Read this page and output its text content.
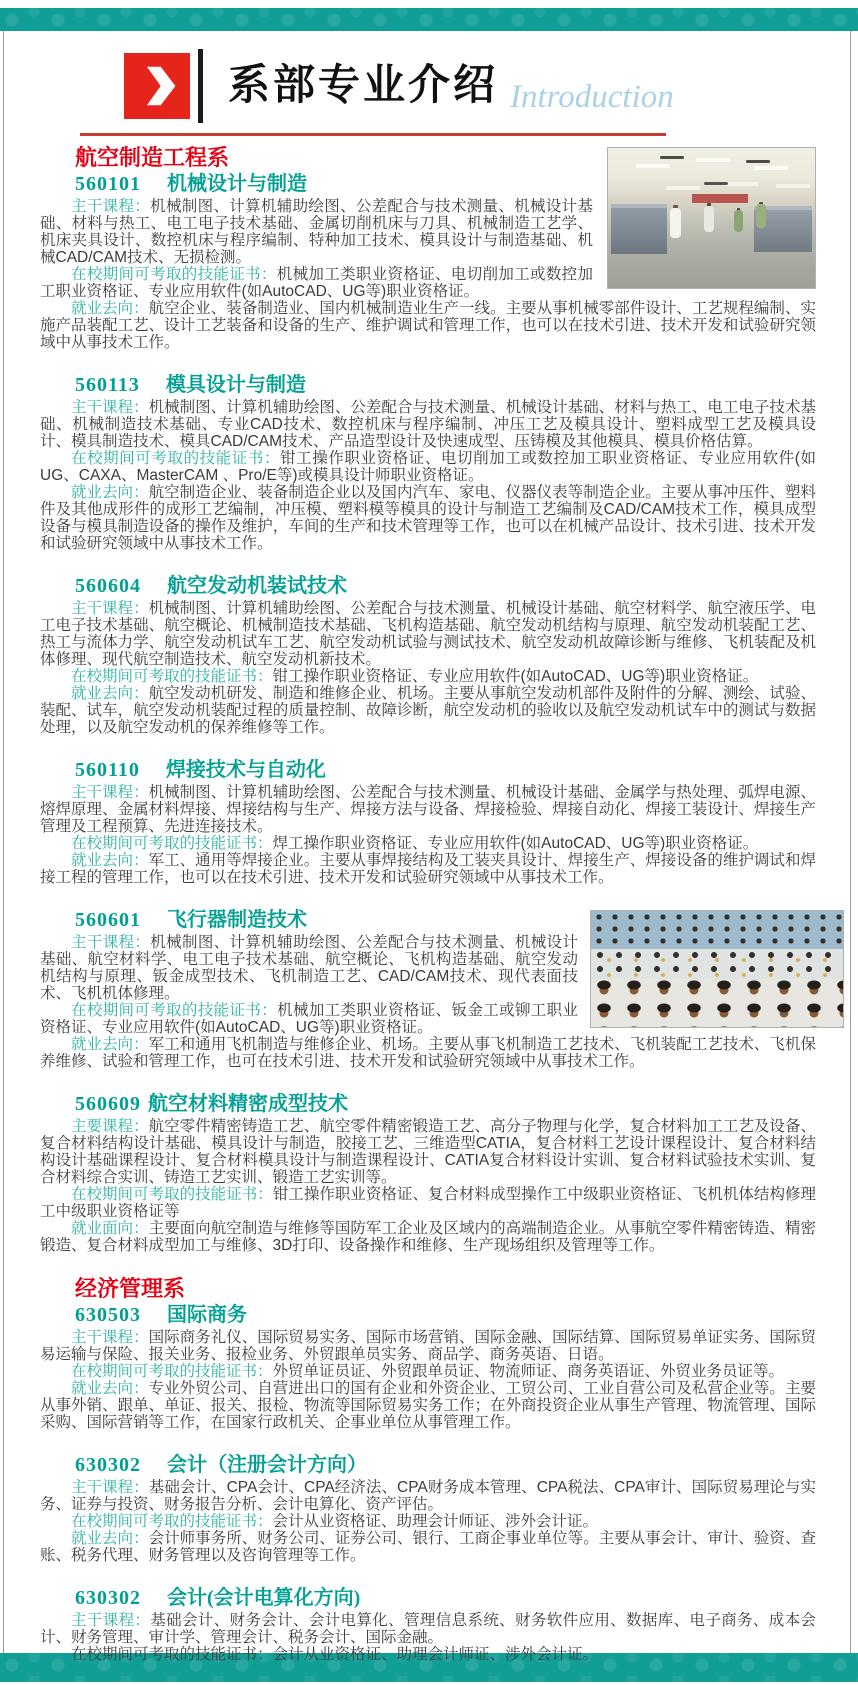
系部专业介绍 Introduction
航空制造工程系
560101 机械设计与制造

主干课程：机械制图、计算机辅助绘图、公差配合与技术测量、机械设计基础、材料与热工、电工电子技术基础、金属切削机床与刀具、机械制造工艺学、机床夹具设计、数控机床与程序编制、特种加工技术、模具设计与制造基础、机械CAD/CAM技术、无损检测。

在校期间可考取的技能证书：机械加工类职业资格证、电切削加工或数控加工职业资格证、专业应用软件(如AutoCAD、UG等)职业资格证。

就业去向：航空企业、装备制造业、国内机械制造业生产一线。主要从事机械零部件设计、工艺规程编制、实施产品装配工艺、设计工艺装备和设备的生产、维护调试和管理工作，也可以在技术引进、技术开发和试验研究领域中从事技术工作。

560113 模具设计与制造

主干课程：机械制图、计算机辅助绘图、公差配合与技术测量、机械设计基础、材料与热工、电工电子技术基础、机械制造技术基础、专业CAD技术、数控机床与程序编制、冲压工艺及模具设计、塑料成型工艺及模具设计、模具制造技术、模具CAD/CAM技术、产品造型设计及快速成型、压铸模及其他模具、模具价格估算。

在校期间可考取的技能证书：钳工操作职业资格证、电切削加工或数控加工职业资格证、专业应用软件(如UG、CAXA、MasterCAM 、Pro/E等)或模具设计师职业资格证。

就业去向：航空制造企业、装备制造企业以及国内汽车、家电、仪器仪表等制造企业。主要从事冲压件、塑料件及其他成形件的成形工艺编制，冲压模、塑料模等模具的设计与制造工艺编制及CAD/CAM技术工作，模具成型设备与模具制造设备的操作及维护，车间的生产和技术管理等工作，也可以在机械产品设计、技术引进、技术开发和试验研究领域中从事技术工作。

560604 航空发动机装试技术

主干课程：机械制图、计算机辅助绘图、公差配合与技术测量、机械设计基础、航空材料学、航空液压学、电工电子技术基础、航空概论、机械制造技术基础、飞机构造基础、航空发动机结构与原理、航空发动机装配工艺、热工与流体力学、航空发动机试车工艺、航空发动机试验与测试技术、航空发动机故障诊断与维修、飞机装配及机体修理、现代航空制造技术、航空发动机新技术。

在校期间可考取的技能证书：钳工操作职业资格证、专业应用软件(如AutoCAD、UG等)职业资格证。

就业去向：航空发动机研发、制造和维修企业、机场。主要从事航空发动机部件及附件的分解、测绘、试验、装配、试车，航空发动机装配过程的质量控制、故障诊断，航空发动机的验收以及航空发动机试车中的测试与数据处理，以及航空发动机的保养维修等工作。

560110 焊接技术与自动化

主干课程：机械制图、计算机辅助绘图、公差配合与技术测量、机械设计基础、金属学与热处理、弧焊电源、熔焊原理、金属材料焊接、焊接结构与生产、焊接方法与设备、焊接检验、焊接自动化、焊接工装设计、焊接生产管理及工程预算、先进连接技术。

在校期间可考取的技能证书：焊工操作职业资格证、专业应用软件(如AutoCAD、UG等)职业资格证。

就业去向：军工、通用等焊接企业。主要从事焊接结构及工装夹具设计、焊接生产、焊接设备的维护调试和焊接工程的管理工作，也可以在技术引进、技术开发和试验研究领域中从事技术工作。

560601 飞行器制造技术

主干课程：机械制图、计算机辅助绘图、公差配合与技术测量、机械设计基础、航空材料学、电工电子技术基础、航空概论、飞机构造基础、航空发动机结构与原理、钣金成型技术、飞机制造工艺、CAD/CAM技术、现代表面技术、飞机机体修理。

在校期间可考取的技能证书：机械加工类职业资格证、钣金工或铆工职业资格证、专业应用软件(如AutoCAD、UG等)职业资格证。

就业去向：军工和通用飞机制造与维修企业、机场。主要从事飞机制造工艺技术、飞机装配工艺技术、飞机保养维修、试验和管理工作，也可在技术引进、技术开发和试验研究领域中从事技术工作。

560609 航空材料精密成型技术

主要课程：航空零件精密铸造工艺、航空零件精密锻造工艺、高分子物理与化学，复合材料加工工艺及设备、复合材料结构设计基础、模具设计与制造，胶接工艺、三维造型CATIA，复合材料工艺设计课程设计、复合材料结构设计基础课程设计、复合材料模具设计与制造课程设计、CATIA复合材料设计实训、复合材料试验技术实训、复合材料综合实训、铸造工艺实训、锻造工艺实训等。

在校期间可考取的技能证书：钳工操作职业资格证、复合材料成型操作工中级职业资格证、飞机机体结构修理工中级职业资格证等

就业面向：主要面向航空制造与维修等国防军工企业及区域内的高端制造企业。从事航空零件精密铸造、精密锻造、复合材料成型加工与维修、3D打印、设备操作和维修、生产现场组织及管理等工作。

经济管理系
630503 国际商务

主干课程：国际商务礼仪、国际贸易实务、国际市场营销、国际金融、国际结算、国际贸易单证实务、国际贸易运输与保险、报关业务、报检业务、外贸跟单员实务、商品学、商务英语、日语。

在校期间可考取的技能证书：外贸单证员证、外贸跟单员证、物流师证、商务英语证、外贸业务员证等。

就业去向：专业外贸公司、自营进出口的国有企业和外资企业、工贸公司、工业自营公司及私营企业等。主要从事外销、跟单、单证、报关、报检、物流等国际贸易实务工作；在外商投资企业从事生产管理、物流管理、国际采购、国际营销等工作，在国家行政机关、企事业单位从事管理工作。

630302 会计（注册会计方向）

主干课程：基础会计、CPA会计、CPA经济法、CPA财务成本管理、CPA税法、CPA审计、国际贸易理论与实务、证券与投资、财务报告分析、会计电算化、资产评估。

在校期间可考取的技能证书：会计从业资格证、助理会计师证、涉外会计证。

就业去向：会计师事务所、财务公司、证券公司、银行、工商企事业单位等。主要从事会计、审计、验资、查账、税务代理、财务管理以及咨询管理等工作。

630302 会计(会计电算化方向)

主干课程：基础会计、财务会计、会计电算化、管理信息系统、财务软件应用、数据库、电子商务、成本会计、财务管理、审计学、管理会计、税务会计、国际金融。

在校期间可考取的技能证书：会计从业资格证、助理会计师证、涉外会计证。
